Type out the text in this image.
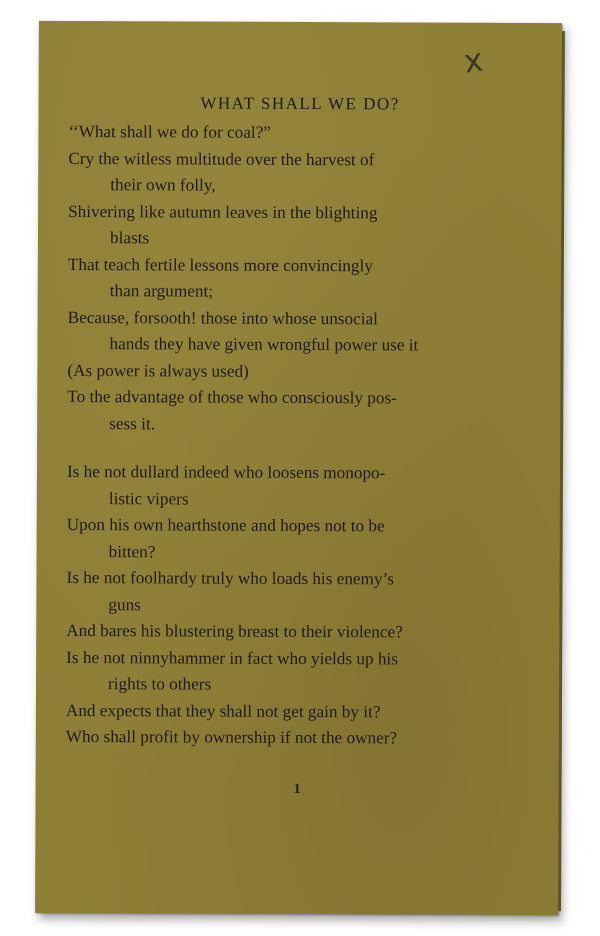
x
WHAT SHALL WE DO?
‘‘What shall we do for coal?”
Cry the witless multitude over the harvest of
their own folly,
Shivering like autumn leaves in the blighting
blasts
That teach fertile lessons more convincingly
than argument;
Because, forsooth! those into whose unsocial
hands they have given wrongful power use it
(As power is always used)
To the advantage of those who consciously pos-
sess it.
Is he not dullard indeed who loosens monopo-
listic vipers
Upon his own hearthstone and hopes not to be
bitten?
Is he not foolhardy truly who loads his enemy’s
guns
And bares his blustering breast to their violence?
Is he not ninnyhammer in fact who yields up his
rights to others
And expects that they shall not get gain by it?
Who shall profit by ownership if not the owner?
1
